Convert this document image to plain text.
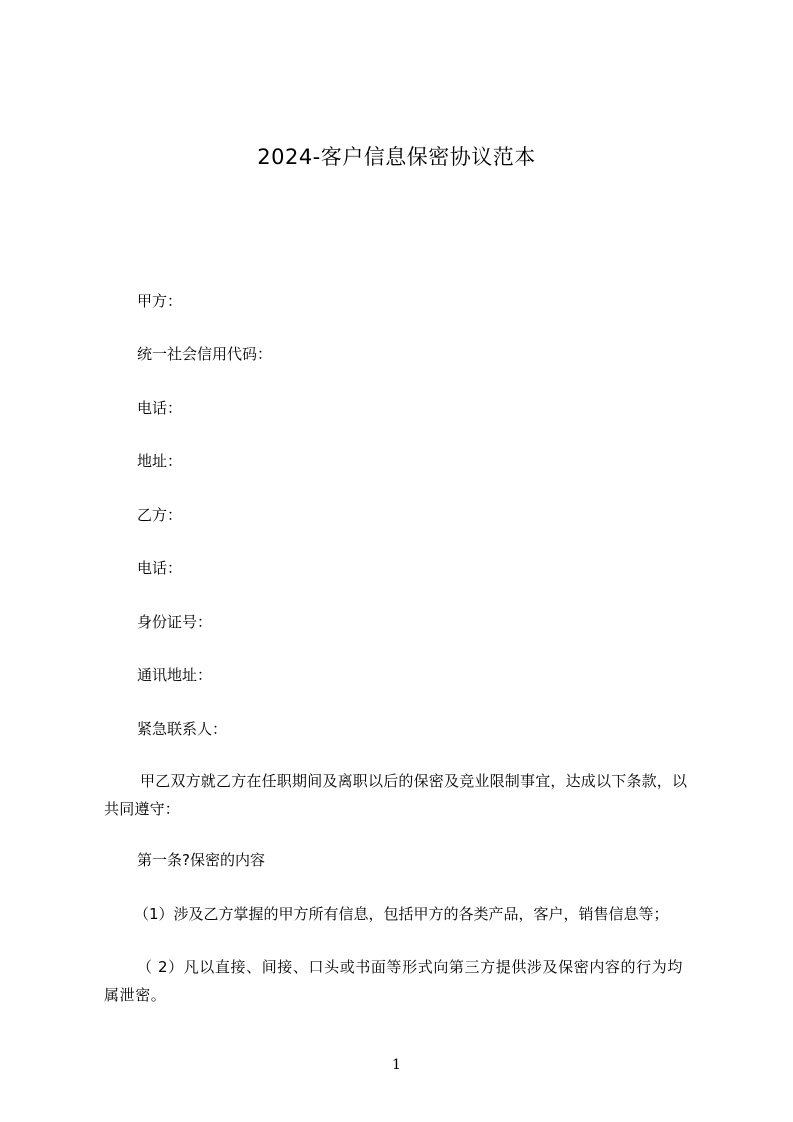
2024-客户信息保密协议范本
甲方：
统一社会信用代码：
电话：
地址：
乙方：
电话：
身份证号：
通讯地址：
紧急联系人：
甲乙双方就乙方在任职期间及离职以后的保密及竞业限制事宜，达成以下条款，以共同遵守：
第一条?保密的内容
（1）涉及乙方掌握的甲方所有信息，包括甲方的各类产品，客户，销售信息等；
（ 2）凡以直接、间接、口头或书面等形式向第三方提供涉及保密内容的行为均属泄密。
1
